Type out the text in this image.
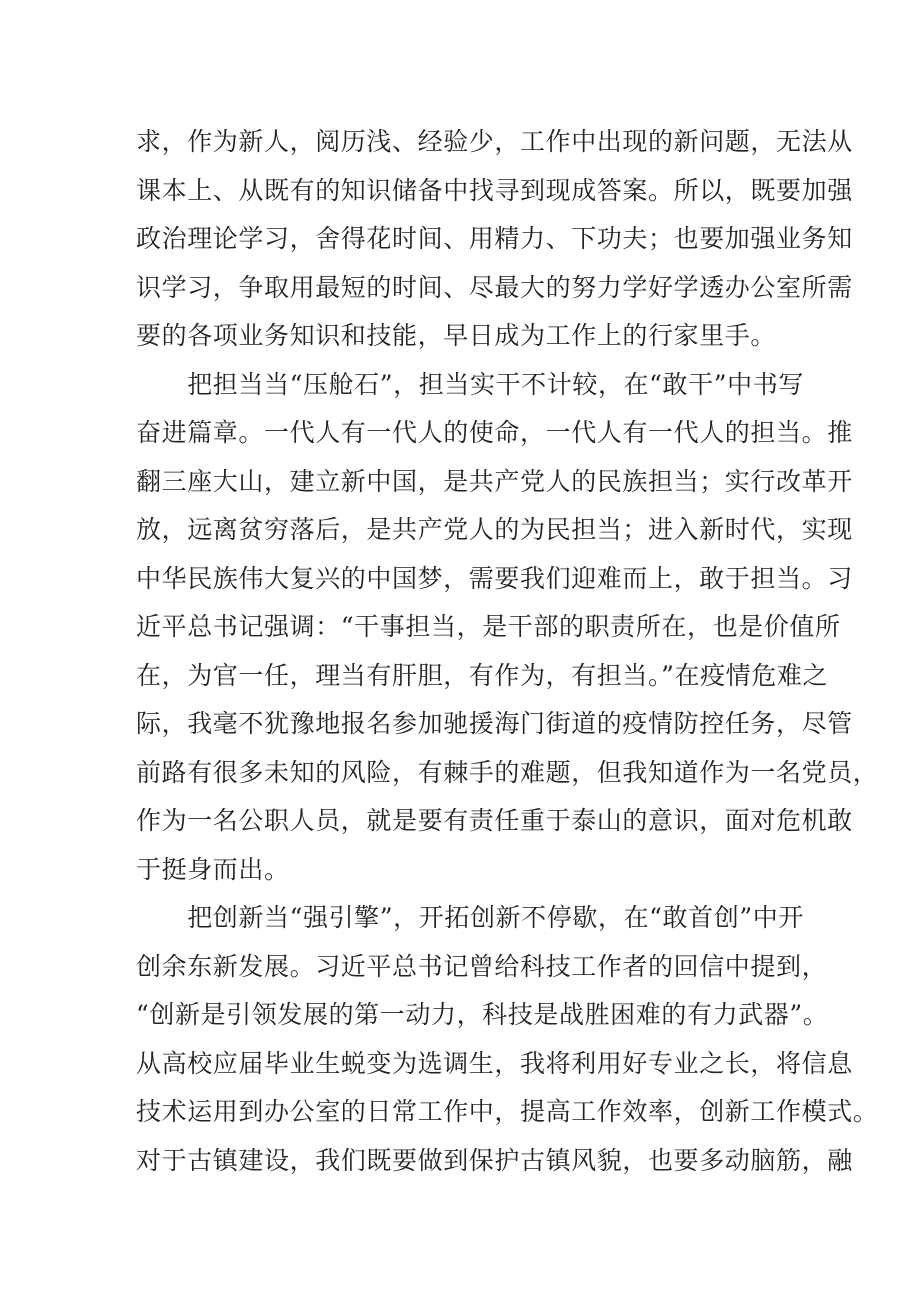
求，作为新人，阅历浅、经验少，工作中出现的新问题，无法从
课本上、从既有的知识储备中找寻到现成答案。所以，既要加强
政治理论学习，舍得花时间、用精力、下功夫；也要加强业务知
识学习，争取用最短的时间、尽最大的努力学好学透办公室所需
要的各项业务知识和技能，早日成为工作上的行家里手。
　　把担当当“压舱石”，担当实干不计较，在“敢干”中书写
奋进篇章。一代人有一代人的使命，一代人有一代人的担当。推
翻三座大山，建立新中国，是共产党人的民族担当；实行改革开
放，远离贫穷落后，是共产党人的为民担当；进入新时代，实现
中华民族伟大复兴的中国梦，需要我们迎难而上，敢于担当。习
近平总书记强调：“干事担当，是干部的职责所在，也是价值所
在，为官一任，理当有肝胆，有作为，有担当。”在疫情危难之
际，我毫不犹豫地报名参加驰援海门街道的疫情防控任务，尽管
前路有很多未知的风险，有棘手的难题，但我知道作为一名党员，
作为一名公职人员，就是要有责任重于泰山的意识，面对危机敢
于挺身而出。
　　把创新当“强引擎”，开拓创新不停歇，在“敢首创”中开
创余东新发展。习近平总书记曾给科技工作者的回信中提到，
“创新是引领发展的第一动力，科技是战胜困难的有力武器”。
从高校应届毕业生蜕变为选调生，我将利用好专业之长，将信息
技术运用到办公室的日常工作中，提高工作效率，创新工作模式。
对于古镇建设，我们既要做到保护古镇风貌，也要多动脑筋，融
